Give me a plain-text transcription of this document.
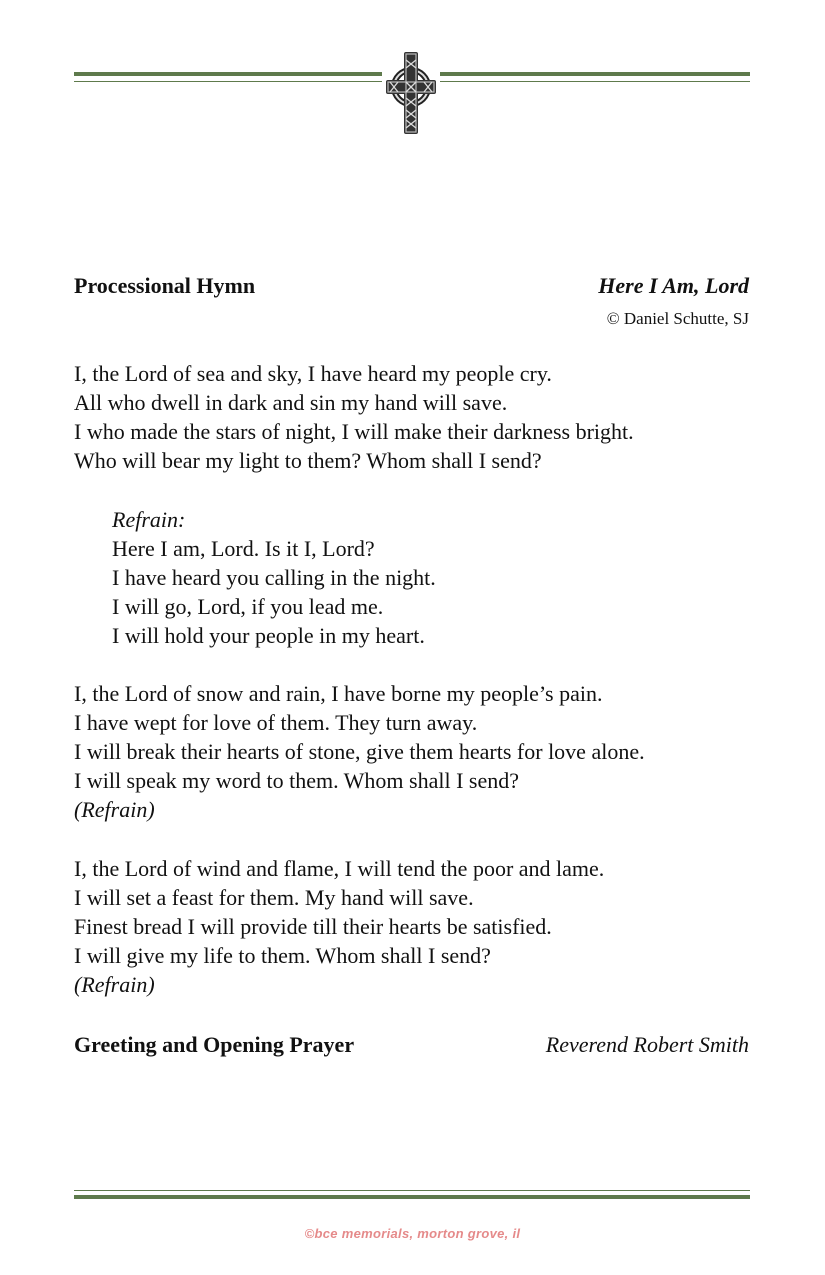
Processional Hymn	Here I Am, Lord
© Daniel Schutte, SJ
I, the Lord of sea and sky, I have heard my people cry.
All who dwell in dark and sin my hand will save.
I who made the stars of night, I will make their darkness bright.
Who will bear my light to them? Whom shall I send?
Refrain:
Here I am, Lord. Is it I, Lord?
I have heard you calling in the night.
I will go, Lord, if you lead me.
I will hold your people in my heart.
I, the Lord of snow and rain, I have borne my people’s pain.
I have wept for love of them. They turn away.
I will break their hearts of stone, give them hearts for love alone.
I will speak my word to them. Whom shall I send?
(Refrain)
I, the Lord of wind and flame, I will tend the poor and lame.
I will set a feast for them. My hand will save.
Finest bread I will provide till their hearts be satisfied.
I will give my life to them. Whom shall I send?
(Refrain)
Greeting and Opening Prayer	Reverend Robert Smith
©bce memorials, morton grove, il
